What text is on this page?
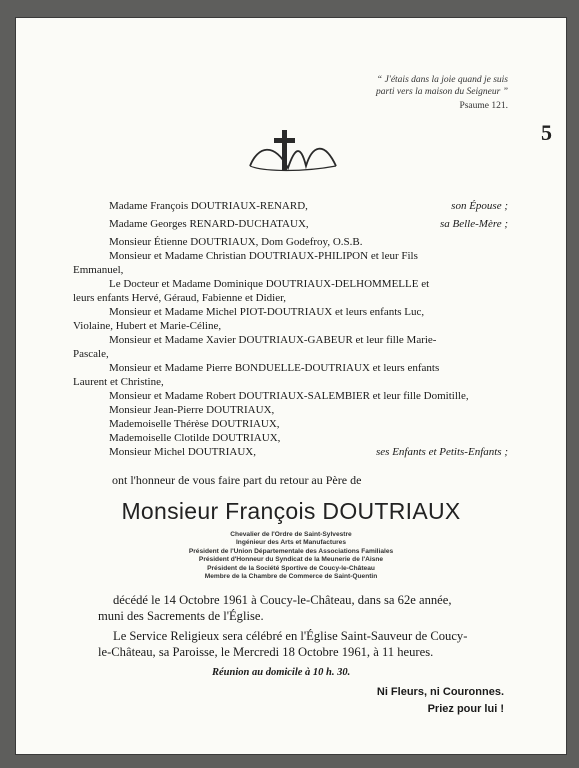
“ J'étais dans la joie quand je suis
parti vers la maison du Seigneur ”
Psaume 121.
Madame François DOUTRIAUX-RENARD,	son Épouse ;
Madame Georges RENARD-DUCHATAUX,	sa Belle-Mère ;
Monsieur Étienne DOUTRIAUX, Dom Godefroy, O.S.B.
Monsieur et Madame Christian DOUTRIAUX-PHILIPON et leur Fils
Emmanuel,
Le Docteur et Madame Dominique DOUTRIAUX-DELHOMMELLE et
leurs enfants Hervé, Géraud, Fabienne et Didier,
Monsieur et Madame Michel PIOT-DOUTRIAUX et leurs enfants Luc,
Violaine, Hubert et Marie-Céline,
Monsieur et Madame Xavier DOUTRIAUX-GABEUR et leur fille Marie-
Pascale,
Monsieur et Madame Pierre BONDUELLE-DOUTRIAUX et leurs enfants
Laurent et Christine,
Monsieur et Madame Robert DOUTRIAUX-SALEMBIER et leur fille Domitille,
Monsieur Jean-Pierre DOUTRIAUX,
Mademoiselle Thérèse DOUTRIAUX,
Mademoiselle Clotilde DOUTRIAUX,
Monsieur Michel DOUTRIAUX,	ses Enfants et Petits-Enfants ;
ont l'honneur de vous faire part du retour au Père de
Monsieur François DOUTRIAUX
Chevalier de l'Ordre de Saint-Sylvestre
Ingénieur des Arts et Manufactures
Président de l'Union Départementale des Associations Familiales
Président d'Honneur du Syndicat de la Meunerie de l'Aisne
Président de la Société Sportive de Coucy-le-Château
Membre de la Chambre de Commerce de Saint-Quentin
décédé le 14 Octobre 1961 à Coucy-le-Château, dans sa 62e année,
muni des Sacrements de l'Église.
Le Service Religieux sera célébré en l'Église Saint-Sauveur de Coucy-
le-Château, sa Paroisse, le Mercredi 18 Octobre 1961, à 11 heures.
Réunion au domicile à 10 h. 30.
Ni Fleurs, ni Couronnes.
Priez pour lui !
5
